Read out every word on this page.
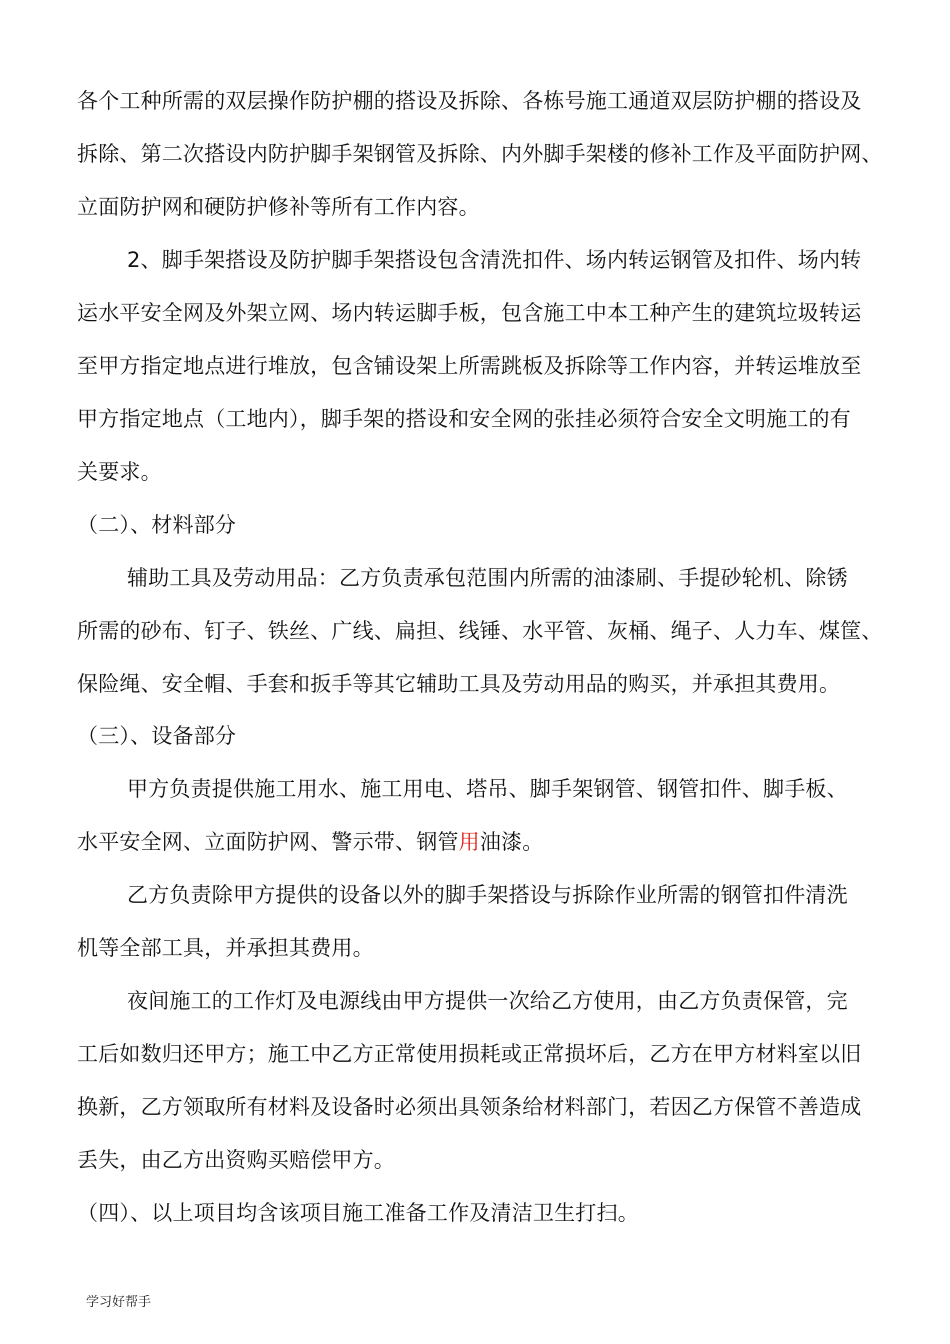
各个工种所需的双层操作防护棚的搭设及拆除、各栋号施工通道双层防护棚的搭设及
拆除、第二次搭设内防护脚手架钢管及拆除、内外脚手架楼的修补工作及平面防护网、
立面防护网和硬防护修补等所有工作内容。
2、脚手架搭设及防护脚手架搭设包含清洗扣件、场内转运钢管及扣件、场内转
运水平安全网及外架立网、场内转运脚手板，包含施工中本工种产生的建筑垃圾转运
至甲方指定地点进行堆放，包含铺设架上所需跳板及拆除等工作内容，并转运堆放至
甲方指定地点（工地内），脚手架的搭设和安全网的张挂必须符合安全文明施工的有
关要求。
（二）、材料部分
辅助工具及劳动用品：乙方负责承包范围内所需的油漆刷、手提砂轮机、除锈
所需的砂布、钉子、铁丝、广线、扁担、线锤、水平管、灰桶、绳子、人力车、煤筐、
保险绳、安全帽、手套和扳手等其它辅助工具及劳动用品的购买，并承担其费用。
（三）、设备部分
甲方负责提供施工用水、施工用电、塔吊、脚手架钢管、钢管扣件、脚手板、
水平安全网、立面防护网、警示带、钢管用油漆。
乙方负责除甲方提供的设备以外的脚手架搭设与拆除作业所需的钢管扣件清洗
机等全部工具，并承担其费用。
夜间施工的工作灯及电源线由甲方提供一次给乙方使用，由乙方负责保管，完
工后如数归还甲方；施工中乙方正常使用损耗或正常损坏后，乙方在甲方材料室以旧
换新，乙方领取所有材料及设备时必须出具领条给材料部门，若因乙方保管不善造成
丢失，由乙方出资购买赔偿甲方。
（四）、以上项目均含该项目施工准备工作及清洁卫生打扫。
学习好帮手
